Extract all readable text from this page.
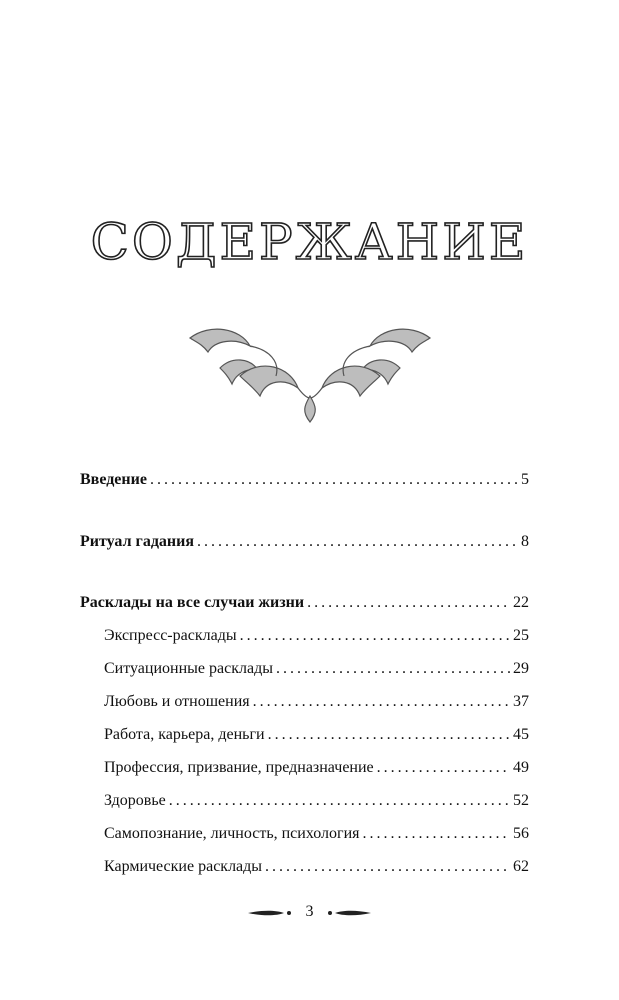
СОДЕРЖАНИЕ
Введение . . .	5
Ритуал гадания . . .	8
Расклады на все случаи жизни . . .	22
Экспресс-расклады . . .	25
Ситуационные расклады . . .	29
Любовь и отношения . . .	37
Работа, карьера, деньги . . .	45
Профессия, призвание, предназначение . . .	49
Здоровье . . .	52
Самопознание, личность, психология . . .	56
Кармические расклады . . .	62
3
